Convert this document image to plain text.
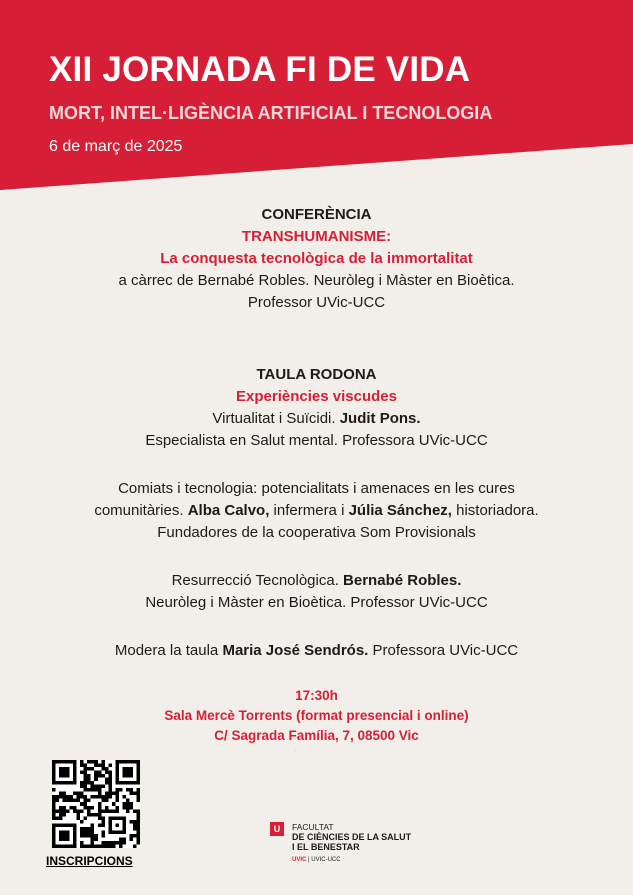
XII JORNADA FI DE VIDA
MORT, INTEL·LIGÈNCIA ARTIFICIAL I TECNOLOGIA
6 de març de 2025

CONFERÈNCIA

TRANSHUMANISME:

La conquesta tecnològica de la immortalitat

a càrrec de Bernabé Robles. Neuròleg i Màster en Bioètica.

Professor UVic-UCC

TAULA RODONA

Experiències viscudes

Virtualitat i Suïcidi. Judit Pons.

Especialista en Salut mental. Professora UVic-UCC

Comiats i tecnologia: potencialitats i amenaces en les cures

comunitàries. Alba Calvo, infermera i Júlia Sánchez, historiadora.

Fundadores de la cooperativa Som Provisionals

Resurrecció Tecnològica. Bernabé Robles.

Neuròleg i Màster en Bioètica. Professor UVic-UCC

Modera la taula Maria José Sendrós. Professora UVic-UCC

17:30h

Sala Mercè Torrents (format presencial i online)

C/ Sagrada Família, 7, 08500 Vic

INSCRIPCIONS
U	FACULTAT
DE CIÈNCIES DE LA SALUT
I EL BENESTAR
UVIC | UVIC-UCC
